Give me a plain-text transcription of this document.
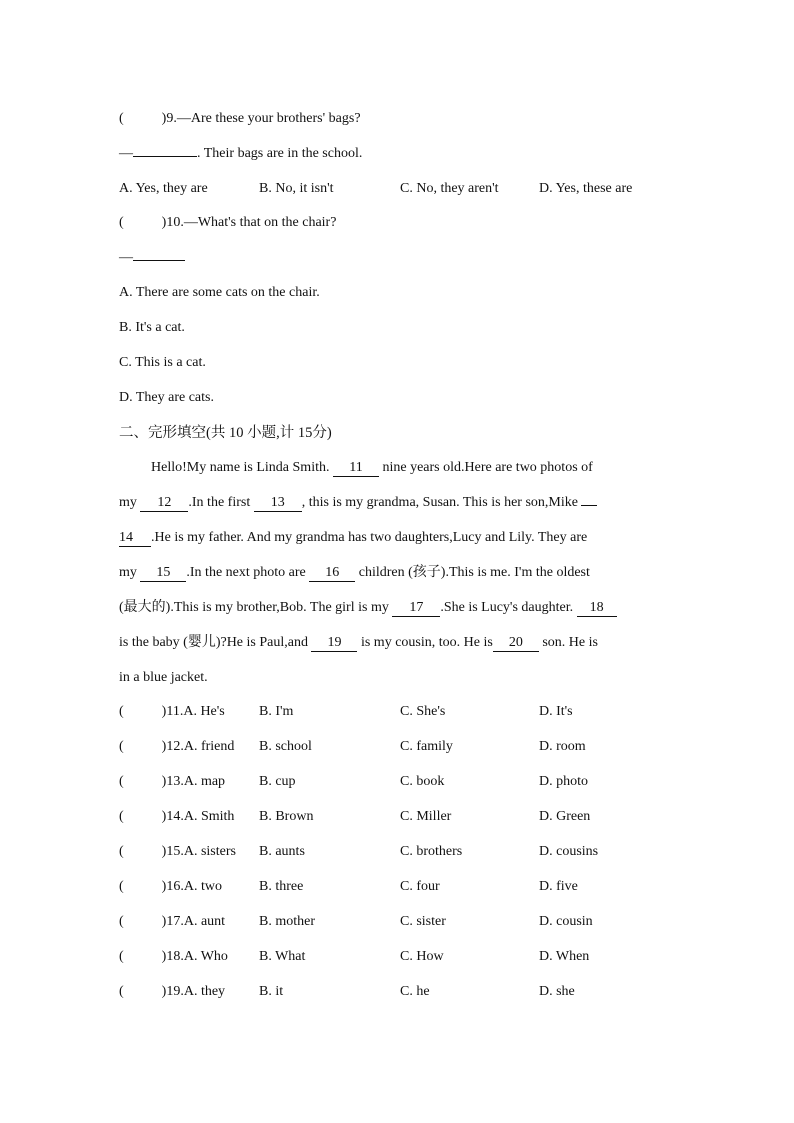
(	)9.—Are these your brothers' bags?
—	. Their bags are in the school.
A. Yes, they are	B. No, it isn't	C. No, they aren't	D. Yes, these are
(	)10.—What's that on the chair?
—
A. There are some cats on the chair.
B. It's a cat.
C. This is a cat.
D. They are cats.
二、完形填空(共 10 小题,计 15分)
Hello!My name is Linda Smith. 11 nine years old.Here are two photos of
my 12 .In the first 13 , this is my grandma, Susan. This is her son,Mike
14 .He is my father. And my grandma has two daughters,Lucy and Lily. They are
my 15 .In the next photo are 16 children (孩子).This is me. I'm the oldest
(最大的).This is my brother,Bob. The girl is my 17 .She is Lucy's daughter. 18
is the baby (婴儿)?He is Paul,and 19 is my cousin, too. He is 20 son. He is
in a blue jacket.
(	)11.A. He's B. I'm	C. She's	D. It's
(	)12.A. friend B. school	C. family	D. room
(	)13.A. map B. cup	C. book	D. photo
(	)14.A. Smith B. Brown	C. Miller	D. Green
(	)15.A. sisters B. aunts	C. brothers	D. cousins
(	)16.A. two	B. three	C. four	D. five
(	)17.A. aunt B. mother	C. sister	D. cousin
(	)18.A. Who B. What	C. How	D. When
(	)19.A. they B. it	C. he	D. she
